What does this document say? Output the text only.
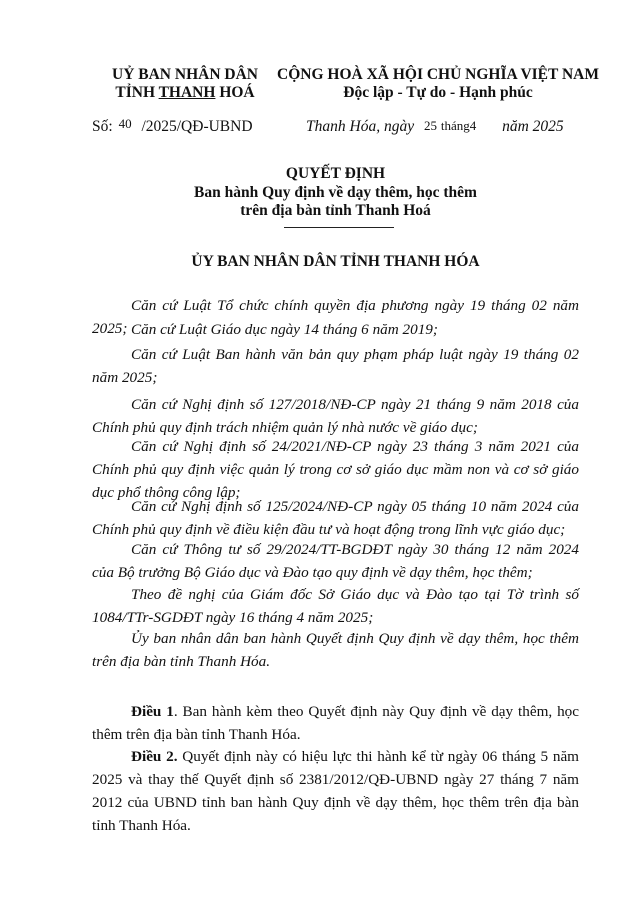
UỶ BAN NHÂN DÂN
TỈNH THANH HOÁ
CỘNG HOÀ XÃ HỘI CHỦ NGHĨA VIỆT NAM
Độc lập - Tự do - Hạnh phúc
Số: 40 /2025/QĐ-UBND	Thanh Hóa, ngày 25 tháng4 năm 2025
QUYẾT ĐỊNH
Ban hành Quy định về dạy thêm, học thêm
trên địa bàn tỉnh Thanh Hoá
ỦY BAN NHÂN DÂN TỈNH THANH HÓA
Căn cứ Luật Tổ chức chính quyền địa phương ngày 19 tháng 02 năm 2025; Căn cứ Luật Giáo dục ngày 14 tháng 6 năm 2019;
Căn cứ Luật Ban hành văn bản quy phạm pháp luật ngày 19 tháng 02 năm 2025;
Căn cứ Nghị định số 127/2018/NĐ-CP ngày 21 tháng 9 năm 2018 của Chính phủ quy định trách nhiệm quản lý nhà nước về giáo dục;
Căn cứ Nghị định số 24/2021/NĐ-CP ngày 23 tháng 3 năm 2021 của Chính phủ quy định việc quản lý trong cơ sở giáo dục mầm non và cơ sở giáo dục phổ thông công lập;
Căn cứ Nghị định số 125/2024/NĐ-CP ngày 05 tháng 10 năm 2024 của Chính phủ quy định về điều kiện đầu tư và hoạt động trong lĩnh vực giáo dục;
Căn cứ Thông tư số 29/2024/TT-BGDĐT ngày 30 tháng 12 năm 2024 của Bộ trưởng Bộ Giáo dục và Đào tạo quy định về dạy thêm, học thêm;
Theo đề nghị của Giám đốc Sở Giáo dục và Đào tạo tại Tờ trình số 1084/TTr-SGDĐT ngày 16 tháng 4 năm 2025;
Ủy ban nhân dân ban hành Quyết định Quy định về dạy thêm, học thêm trên địa bàn tỉnh Thanh Hóa.
Điều 1. Ban hành kèm theo Quyết định này Quy định về dạy thêm, học thêm trên địa bàn tỉnh Thanh Hóa.
Điều 2. Quyết định này có hiệu lực thi hành kể từ ngày 06 tháng 5 năm 2025 và thay thế Quyết định số 2381/2012/QĐ-UBND ngày 27 tháng 7 năm 2012 của UBND tỉnh ban hành Quy định về dạy thêm, học thêm trên địa bàn tỉnh Thanh Hóa.
